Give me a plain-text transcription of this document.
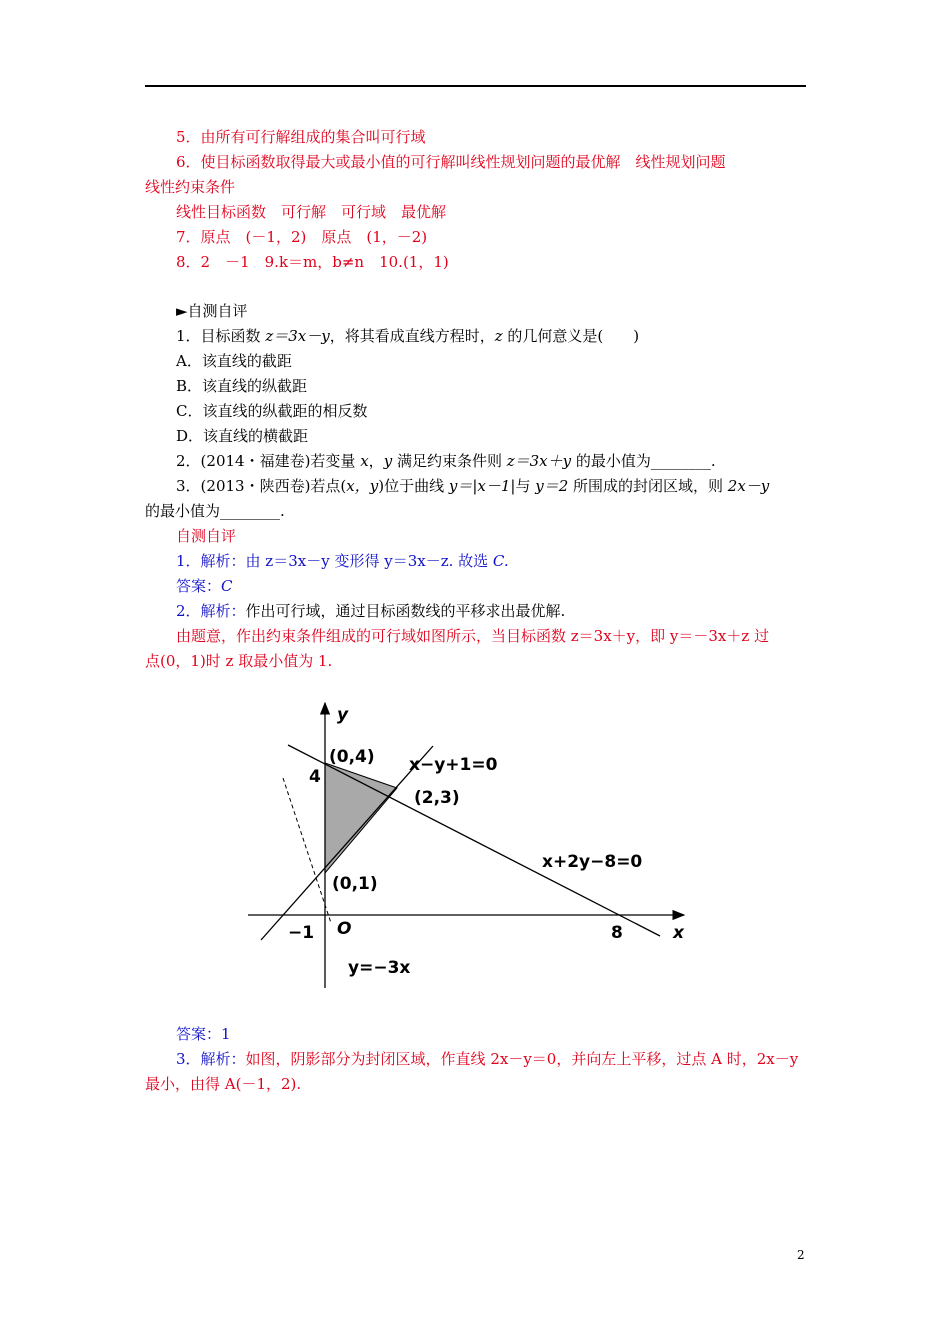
5．由所有可行解组成的集合叫可行域
6．使目标函数取得最大或最小值的可行解叫线性规划问题的最优解　线性规划问题
线性约束条件
线性目标函数　可行解　可行域　最优解
7．原点　(－1，2)　原点　(1，－2)
8．2　－1　9.k＝m，b≠n　10.(1，1)
►自测自评
1．目标函数 z＝3x－y，将其看成直线方程时，z 的几何意义是(　　)
A．该直线的截距
B．该直线的纵截距
C．该直线的纵截距的相反数
D．该直线的横截距
2．(2014・福建卷)若变量 x，y 满足约束条件则 z＝3x＋y 的最小值为________.
3．(2013・陕西卷)若点(x，y)位于曲线 y＝|x－1|与 y＝2 所围成的封闭区域，则 2x－y
的最小值为________.
自测自评
1．解析：由 z＝3x－y 变形得 y＝3x－z. 故选 C.
答案：C
2．解析：作出可行域，通过目标函数线的平移求出最优解.
由题意，作出约束条件组成的可行域如图所示，当目标函数 z＝3x＋y，即 y＝－3x＋z 过
点(0，1)时 z 取最小值为 1.
y
x
O
(0,4)
4
x−y+1=0
(2,3)
x+2y−8=0
(0,1)
−1	8
y=−3x
答案：1
3．解析：如图，阴影部分为封闭区域，作直线 2x－y＝0，并向左上平移，过点 A 时，2x－y
最小，由得 A(－1，2).
2
